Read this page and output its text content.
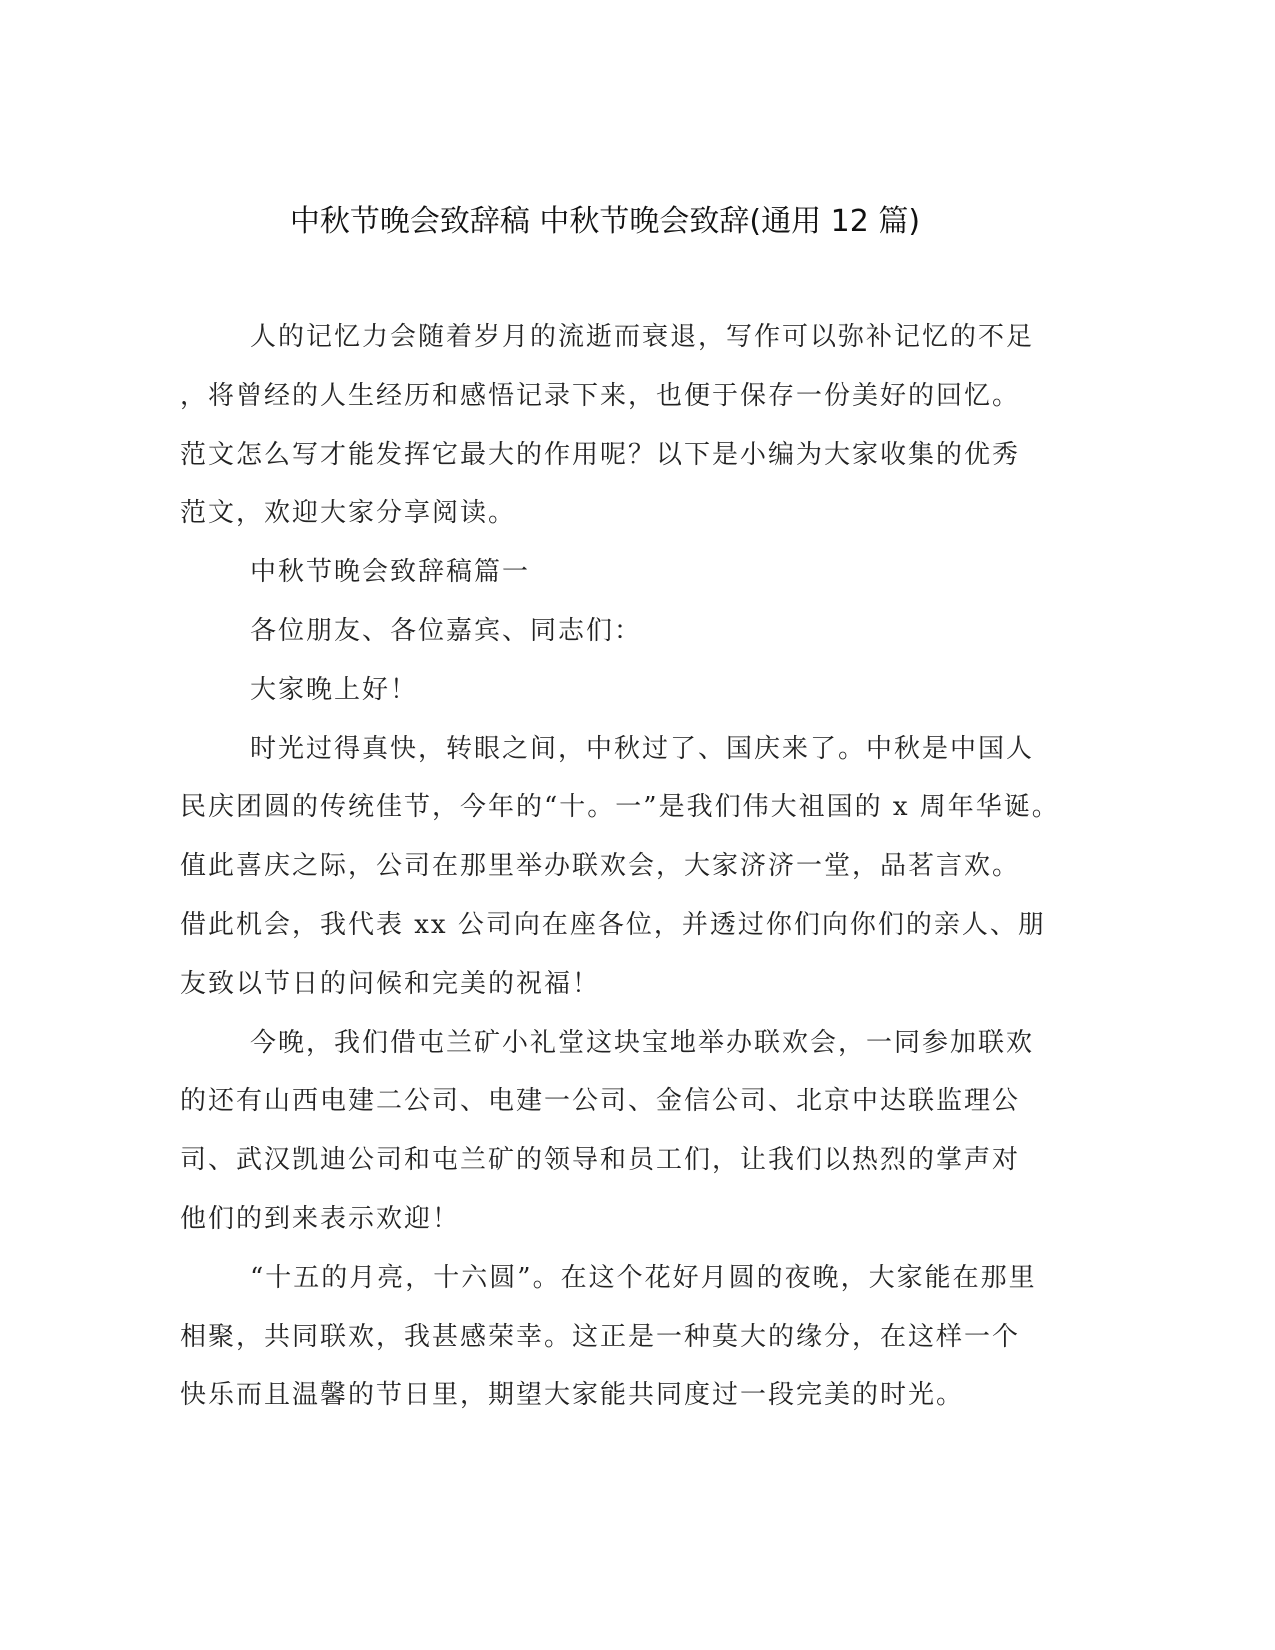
中秋节晚会致辞稿 中秋节晚会致辞(通用 12 篇)
人的记忆力会随着岁月的流逝而衰退，写作可以弥补记忆的不足
，将曾经的人生经历和感悟记录下来，也便于保存一份美好的回忆。
范文怎么写才能发挥它最大的作用呢？以下是小编为大家收集的优秀
范文，欢迎大家分享阅读。
中秋节晚会致辞稿篇一
各位朋友、各位嘉宾、同志们：
大家晚上好！
时光过得真快，转眼之间，中秋过了、国庆来了。中秋是中国人
民庆团圆的传统佳节，今年的“十。一”是我们伟大祖国的 x 周年华诞。
值此喜庆之际，公司在那里举办联欢会，大家济济一堂，品茗言欢。
借此机会，我代表 xx 公司向在座各位，并透过你们向你们的亲人、朋
友致以节日的问候和完美的祝福！
今晚，我们借屯兰矿小礼堂这块宝地举办联欢会，一同参加联欢
的还有山西电建二公司、电建一公司、金信公司、北京中达联监理公
司、武汉凯迪公司和屯兰矿的领导和员工们，让我们以热烈的掌声对
他们的到来表示欢迎！
“十五的月亮，十六圆”。在这个花好月圆的夜晚，大家能在那里
相聚，共同联欢，我甚感荣幸。这正是一种莫大的缘分，在这样一个
快乐而且温馨的节日里，期望大家能共同度过一段完美的时光。
